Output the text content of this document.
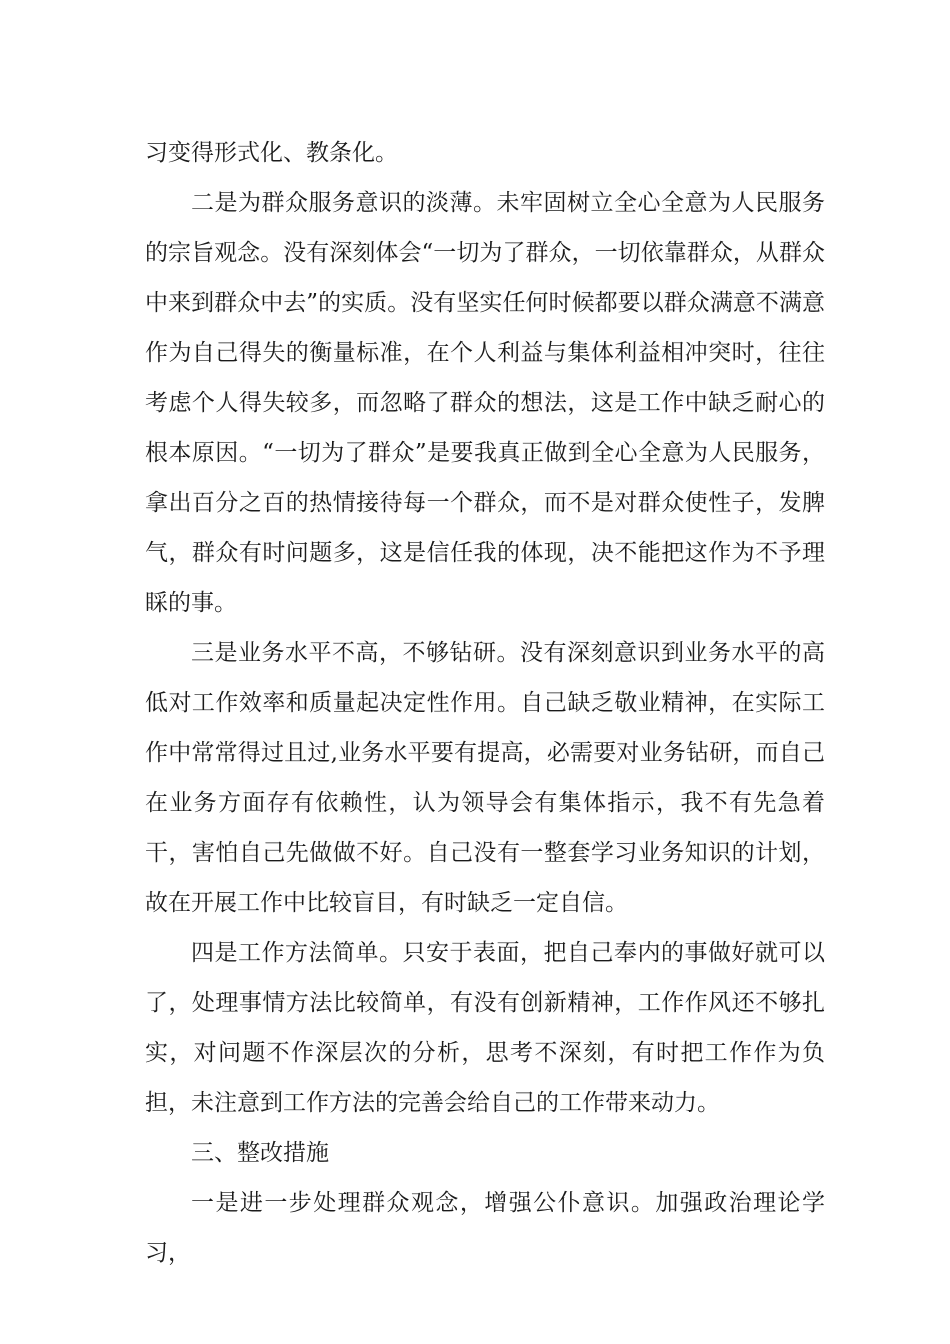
习变得形式化、教条化。

二是为群众服务意识的淡薄。未牢固树立全心全意为人民服务的宗旨观念。没有深刻体会“一切为了群众，一切依靠群众，从群众中来到群众中去”的实质。没有坚实任何时候都要以群众满意不满意作为自己得失的衡量标准，在个人利益与集体利益相冲突时，往往考虑个人得失较多，而忽略了群众的想法，这是工作中缺乏耐心的根本原因。“一切为了群众”是要我真正做到全心全意为人民服务，拿出百分之百的热情接待每一个群众，而不是对群众使性子，发脾气，群众有时问题多，这是信任我的体现，决不能把这作为不予理睬的事。

三是业务水平不高，不够钻研。没有深刻意识到业务水平的高低对工作效率和质量起决定性作用。自己缺乏敬业精神，在实际工作中常常得过且过,业务水平要有提高，必需要对业务钻研，而自己在业务方面存有依赖性，认为领导会有集体指示，我不有先急着干，害怕自己先做做不好。自己没有一整套学习业务知识的计划，故在开展工作中比较盲目，有时缺乏一定自信。

四是工作方法简单。只安于表面，把自己奉内的事做好就可以了，处理事情方法比较简单，有没有创新精神，工作作风还不够扎实，对问题不作深层次的分析，思考不深刻，有时把工作作为负担，未注意到工作方法的完善会给自己的工作带来动力。

三、整改措施

一是进一步处理群众观念，增强公仆意识。加强政治理论学习，
